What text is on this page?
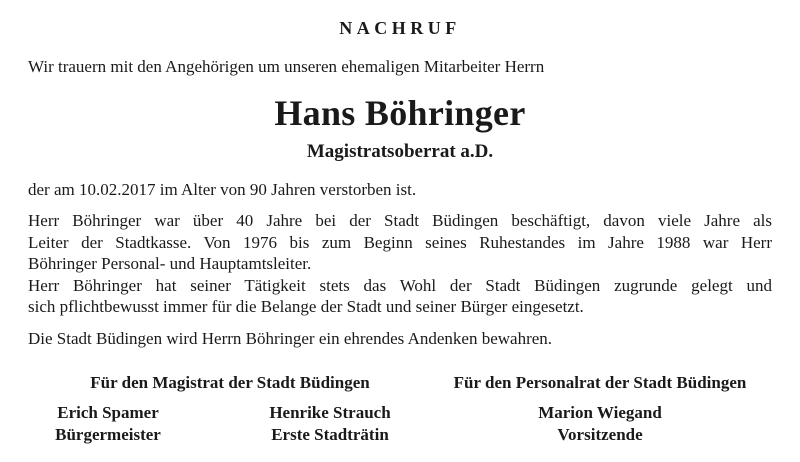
NACHRUF
Wir trauern mit den Angehörigen um unseren ehemaligen Mitarbeiter Herrn
Hans Böhringer
Magistratsoberrat a.D.
der am 10.02.2017 im Alter von 90 Jahren verstorben ist.
Herr Böhringer war über 40 Jahre bei der Stadt Büdingen beschäftigt, davon viele Jahre als
Leiter der Stadtkasse. Von 1976 bis zum Beginn seines Ruhestandes im Jahre 1988 war Herr
Böhringer Personal- und Hauptamtsleiter.
Herr Böhringer hat seiner Tätigkeit stets das Wohl der Stadt Büdingen zugrunde gelegt und
sich pflichtbewusst immer für die Belange der Stadt und seiner Bürger eingesetzt.
Die Stadt Büdingen wird Herrn Böhringer ein ehrendes Andenken bewahren.
Für den Magistrat der Stadt Büdingen	Für den Personalrat der Stadt Büdingen
Erich Spamer
Bürgermeister
Henrike Strauch
Erste Stadträtin
Marion Wiegand
Vorsitzende
